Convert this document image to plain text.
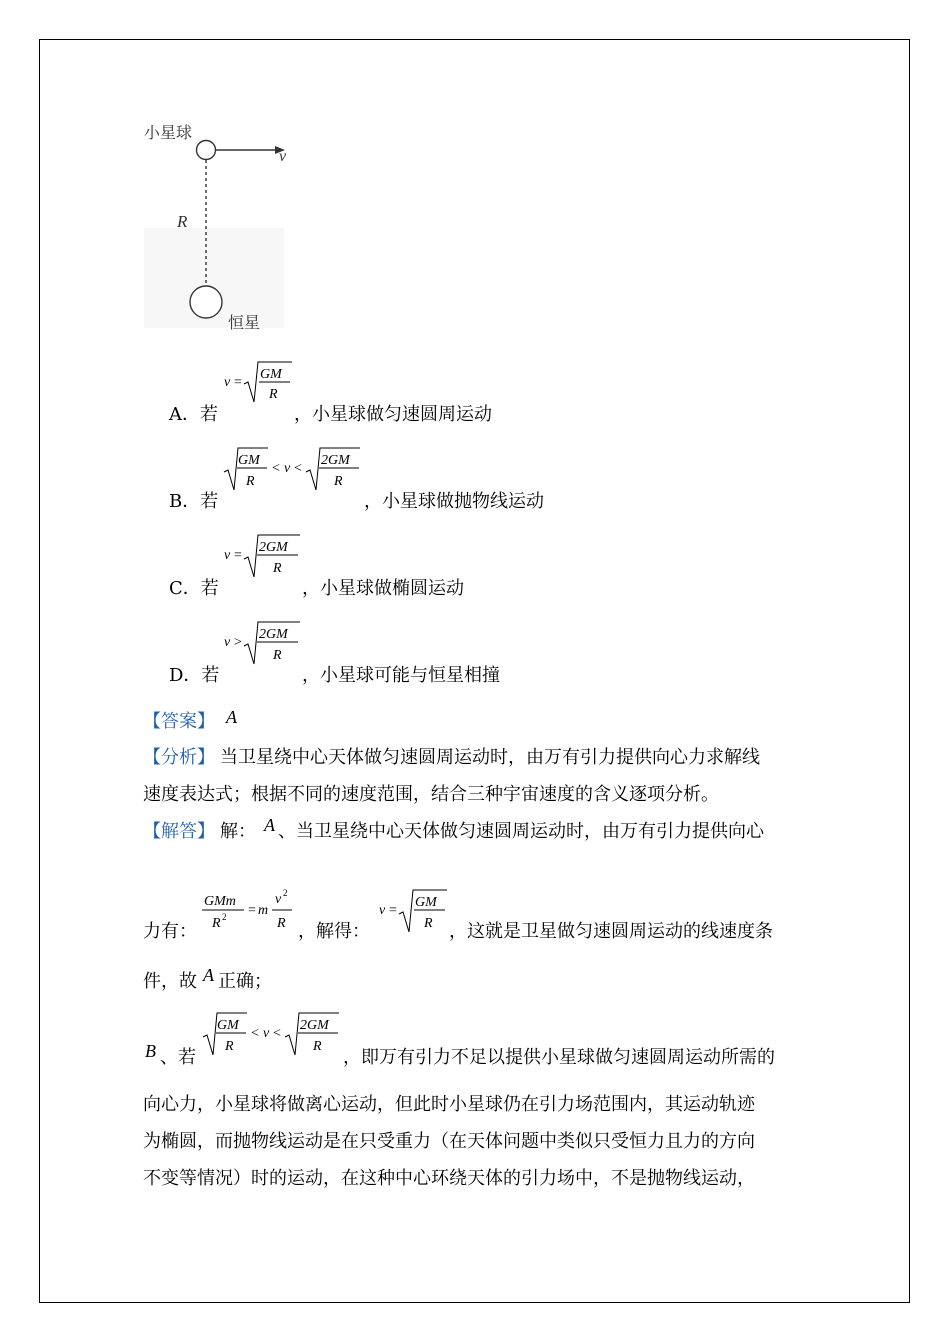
小星球
v
R
恒星
A．若
v =
GM
R
，小星球做匀速圆周运动
B．若
GM
R
< v <
2GM
R
，小星球做抛物线运动
C．若
v =
2GM
R
，小星球做椭圆运动
D．若
v >
2GM
R
，小星球可能与恒星相撞
【答案】 A
【分析】 当卫星绕中心天体做匀速圆周运动时，由万有引力提供向心力求解线
速度表达式；根据不同的速度范围，结合三种宇宙速度的含义逐项分析。
【解答】 解： A 、当卫星绕中心天体做匀速圆周运动时，由万有引力提供向心
力有：
GMm
R 2 = m
v 2
R ，解得：
v =
GM
R ，这就是卫星做匀速圆周运动的线速度条
件，故 A 正确；
B 、若
GM
R
< v <
2GM
R
，即万有引力不足以提供小星球做匀速圆周运动所需的
向心力，小星球将做离心运动，但此时小星球仍在引力场范围内，其运动轨迹
为椭圆，而抛物线运动是在只受重力（在天体问题中类似只受恒力且力的方向
不变等情况）时的运动，在这种中心环绕天体的引力场中，不是抛物线运动，
